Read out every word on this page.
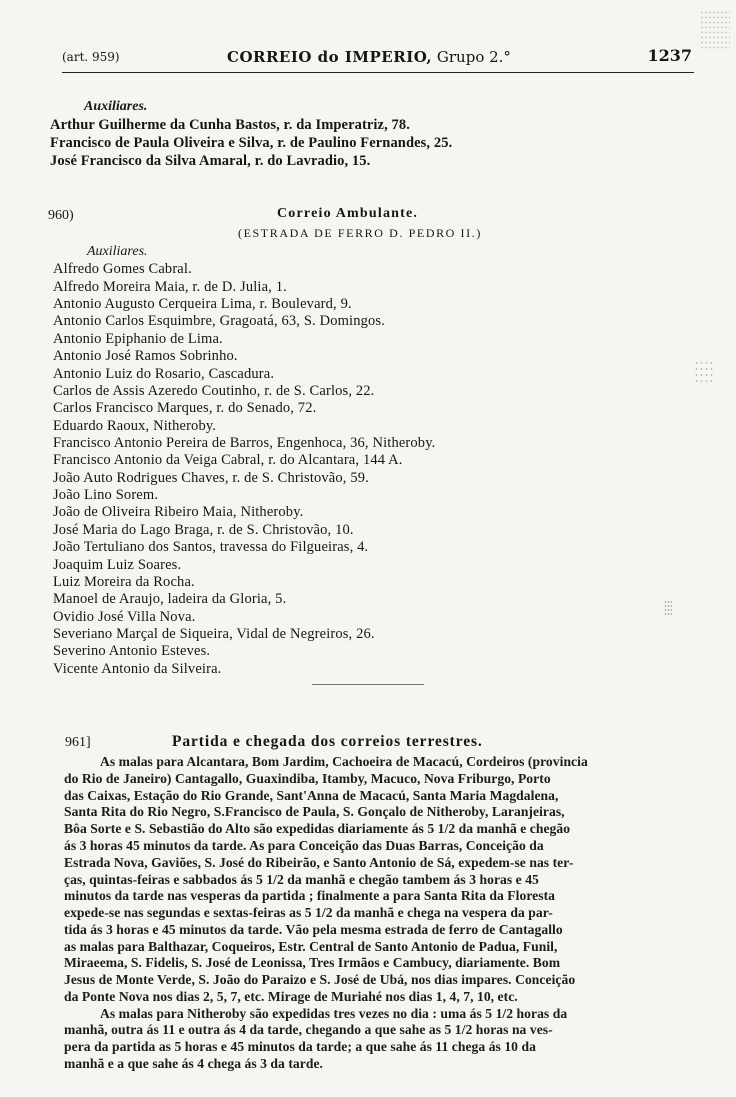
(art. 959)	CORREIO do IMPERIO, Grupo 2.°	1237
Auxiliares.
Arthur Guilherme da Cunha Bastos, r. da Imperatriz, 78.
Francisco de Paula Oliveira e Silva, r. de Paulino Fernandes, 25.
José Francisco da Silva Amaral, r. do Lavradio, 15.
960)	Correio Ambulante.
(ESTRADA DE FERRO D. PEDRO II.)
Auxiliares.
Alfredo Gomes Cabral.
Alfredo Moreira Maia, r. de D. Julia, 1.
Antonio Augusto Cerqueira Lima, r. Boulevard, 9.
Antonio Carlos Esquimbre, Gragoatá, 63, S. Domingos.
Antonio Epiphanio de Lima.
Antonio José Ramos Sobrinho.
Antonio Luiz do Rosario, Cascadura.
Carlos de Assis Azeredo Coutinho, r. de S. Carlos, 22.
Carlos Francisco Marques, r. do Senado, 72.
Eduardo Raoux, Nitheroby.
Francisco Antonio Pereira de Barros, Engenhoca, 36, Nitheroby.
Francisco Antonio da Veiga Cabral, r. do Alcantara, 144 A.
João Auto Rodrigues Chaves, r. de S. Christovão, 59.
João Lino Sorem.
João de Oliveira Ribeiro Maia, Nitheroby.
José Maria do Lago Braga, r. de S. Christovão, 10.
João Tertuliano dos Santos, travessa do Filgueiras, 4.
Joaquim Luiz Soares.
Luiz Moreira da Rocha.
Manoel de Araujo, ladeira da Gloria, 5.
Ovidio José Villa Nova.
Severiano Marçal de Siqueira, Vidal de Negreiros, 26.
Severino Antonio Esteves.
Vicente Antonio da Silveira.
961]	Partida e chegada dos correios terrestres.
As malas para Alcantara, Bom Jardim, Cachoeira de Macacú, Cordeiros (provincia
do Rio de Janeiro) Cantagallo, Guaxindiba, Itamby, Macuco, Nova Friburgo, Porto
das Caixas, Estação do Rio Grande, Sant'Anna de Macacú, Santa Maria Magdalena,
Santa Rita do Rio Negro, S.Francisco de Paula, S. Gonçalo de Nitheroby, Laranjeiras,
Bôa Sorte e S. Sebastião do Alto são expedidas diariamente ás 5 1/2 da manhã e chegão
ás 3 horas 45 minutos da tarde. As para Conceição das Duas Barras, Conceição da
Estrada Nova, Gaviões, S. José do Ribeirão, e Santo Antonio de Sá, expedem-se nas ter-
ças, quintas-feiras e sabbados ás 5 1/2 da manhã e chegão tambem ás 3 horas e 45
minutos da tarde nas vesperas da partida ; finalmente a para Santa Rita da Floresta
expede-se nas segundas e sextas-feiras as 5 1/2 da manhã e chega na vespera da par-
tida ás 3 horas e 45 minutos da tarde. Vão pela mesma estrada de ferro de Cantagallo
as malas para Balthazar, Coqueiros, Estr. Central de Santo Antonio de Padua, Funil,
Miraeema, S. Fidelis, S. José de Leonissa, Tres Irmãos e Cambucy, diariamente. Bom
Jesus de Monte Verde, S. João do Paraizo e S. José de Ubá, nos dias impares. Conceição
da Ponte Nova nos dias 2, 5, 7, etc. Mirage de Muriahé nos dias 1, 4, 7, 10, etc.
As malas para Nitheroby são expedidas tres vezes no dia : uma ás 5 1/2 horas da
manhã, outra ás 11 e outra ás 4 da tarde, chegando a que sahe as 5 1/2 horas na ves-
pera da partida as 5 horas e 45 minutos da tarde; a que sahe ás 11 chega ás 10 da
manhã e a que sahe ás 4 chega ás 3 da tarde.
